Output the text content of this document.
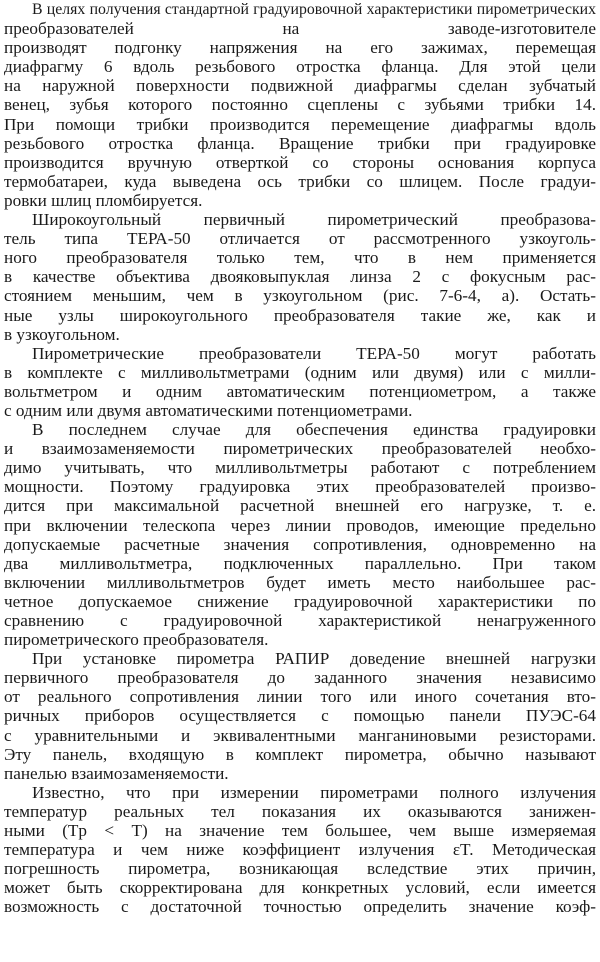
В целях получения стандартной градуировочной характеристики пирометрических
преобразователей на заводе-изготовителе
производят подгонку напряжения на его зажимах, перемещая
диафрагму 6 вдоль резьбового отростка фланца. Для этой цели
на наружной поверхности подвижной диафрагмы сделан зубчатый
венец, зубья которого постоянно сцеплены с зубьями трибки 14.
При помощи трибки производится перемещение диафрагмы вдоль
резьбового отростка фланца. Вращение трибки при градуировке
производится вручную отверткой со стороны основания корпуса
термобатареи, куда выведена ось трибки со шлицем. После градуи-
ровки шлиц пломбируется.
Широкоугольный первичный пирометрический преобразова-
тель типа ТЕРА-50 отличается от рассмотренного узкоуголь-
ного преобразователя только тем, что в нем применяется
в качестве объектива двояковыпуклая линза 2 с фокусным рас-
стоянием меньшим, чем в узкоугольном (рис. 7-6-4, а). Остать-
ные узлы широкоугольного преобразователя такие же, как и
в узкоугольном.
Пирометрические преобразователи ТЕРА-50 могут работать
в комплекте с милливольтметрами (одним или двумя) или с милли-
вольтметром и одним автоматическим потенциометром, а также
с одним или двумя автоматическими потенциометрами.
В последнем случае для обеспечения единства градуировки
и взаимозаменяемости пирометрических преобразователей необхо-
димо учитывать, что милливольтметры работают с потреблением
мощности. Поэтому градуировка этих преобразователей произво-
дится при максимальной расчетной внешней его нагрузке, т. е.
при включении телескопа через линии проводов, имеющие предельно
допускаемые расчетные значения сопротивления, одновременно на
два милливольтметра, подключенных параллельно. При таком
включении милливольтметров будет иметь место наибольшее рас-
четное допускаемое снижение градуировочной характеристики по
сравнению с градуировочной характеристикой ненагруженного
пирометрического преобразователя.
При установке пирометра РАПИР доведение внешней нагрузки
первичного преобразователя до заданного значения независимо
от реального сопротивления линии того или иного сочетания вто-
ричных приборов осуществляется с помощью панели ПУЭС-64
с уравнительными и эквивалентными манганиновыми резисторами.
Эту панель, входящую в комплект пирометра, обычно называют
панелью взаимозаменяемости.
Известно, что при измерении пирометрами полного излучения
температур реальных тел показания их оказываются занижен-
ными (Tр < T) на значение тем большее, чем выше измеряемая
температура и чем ниже коэффициент излучения εT. Методическая
погрешность пирометра, возникающая вследствие этих причин,
может быть скорректирована для конкретных условий, если имеется
возможность с достаточной точностью определить значение коэф-
